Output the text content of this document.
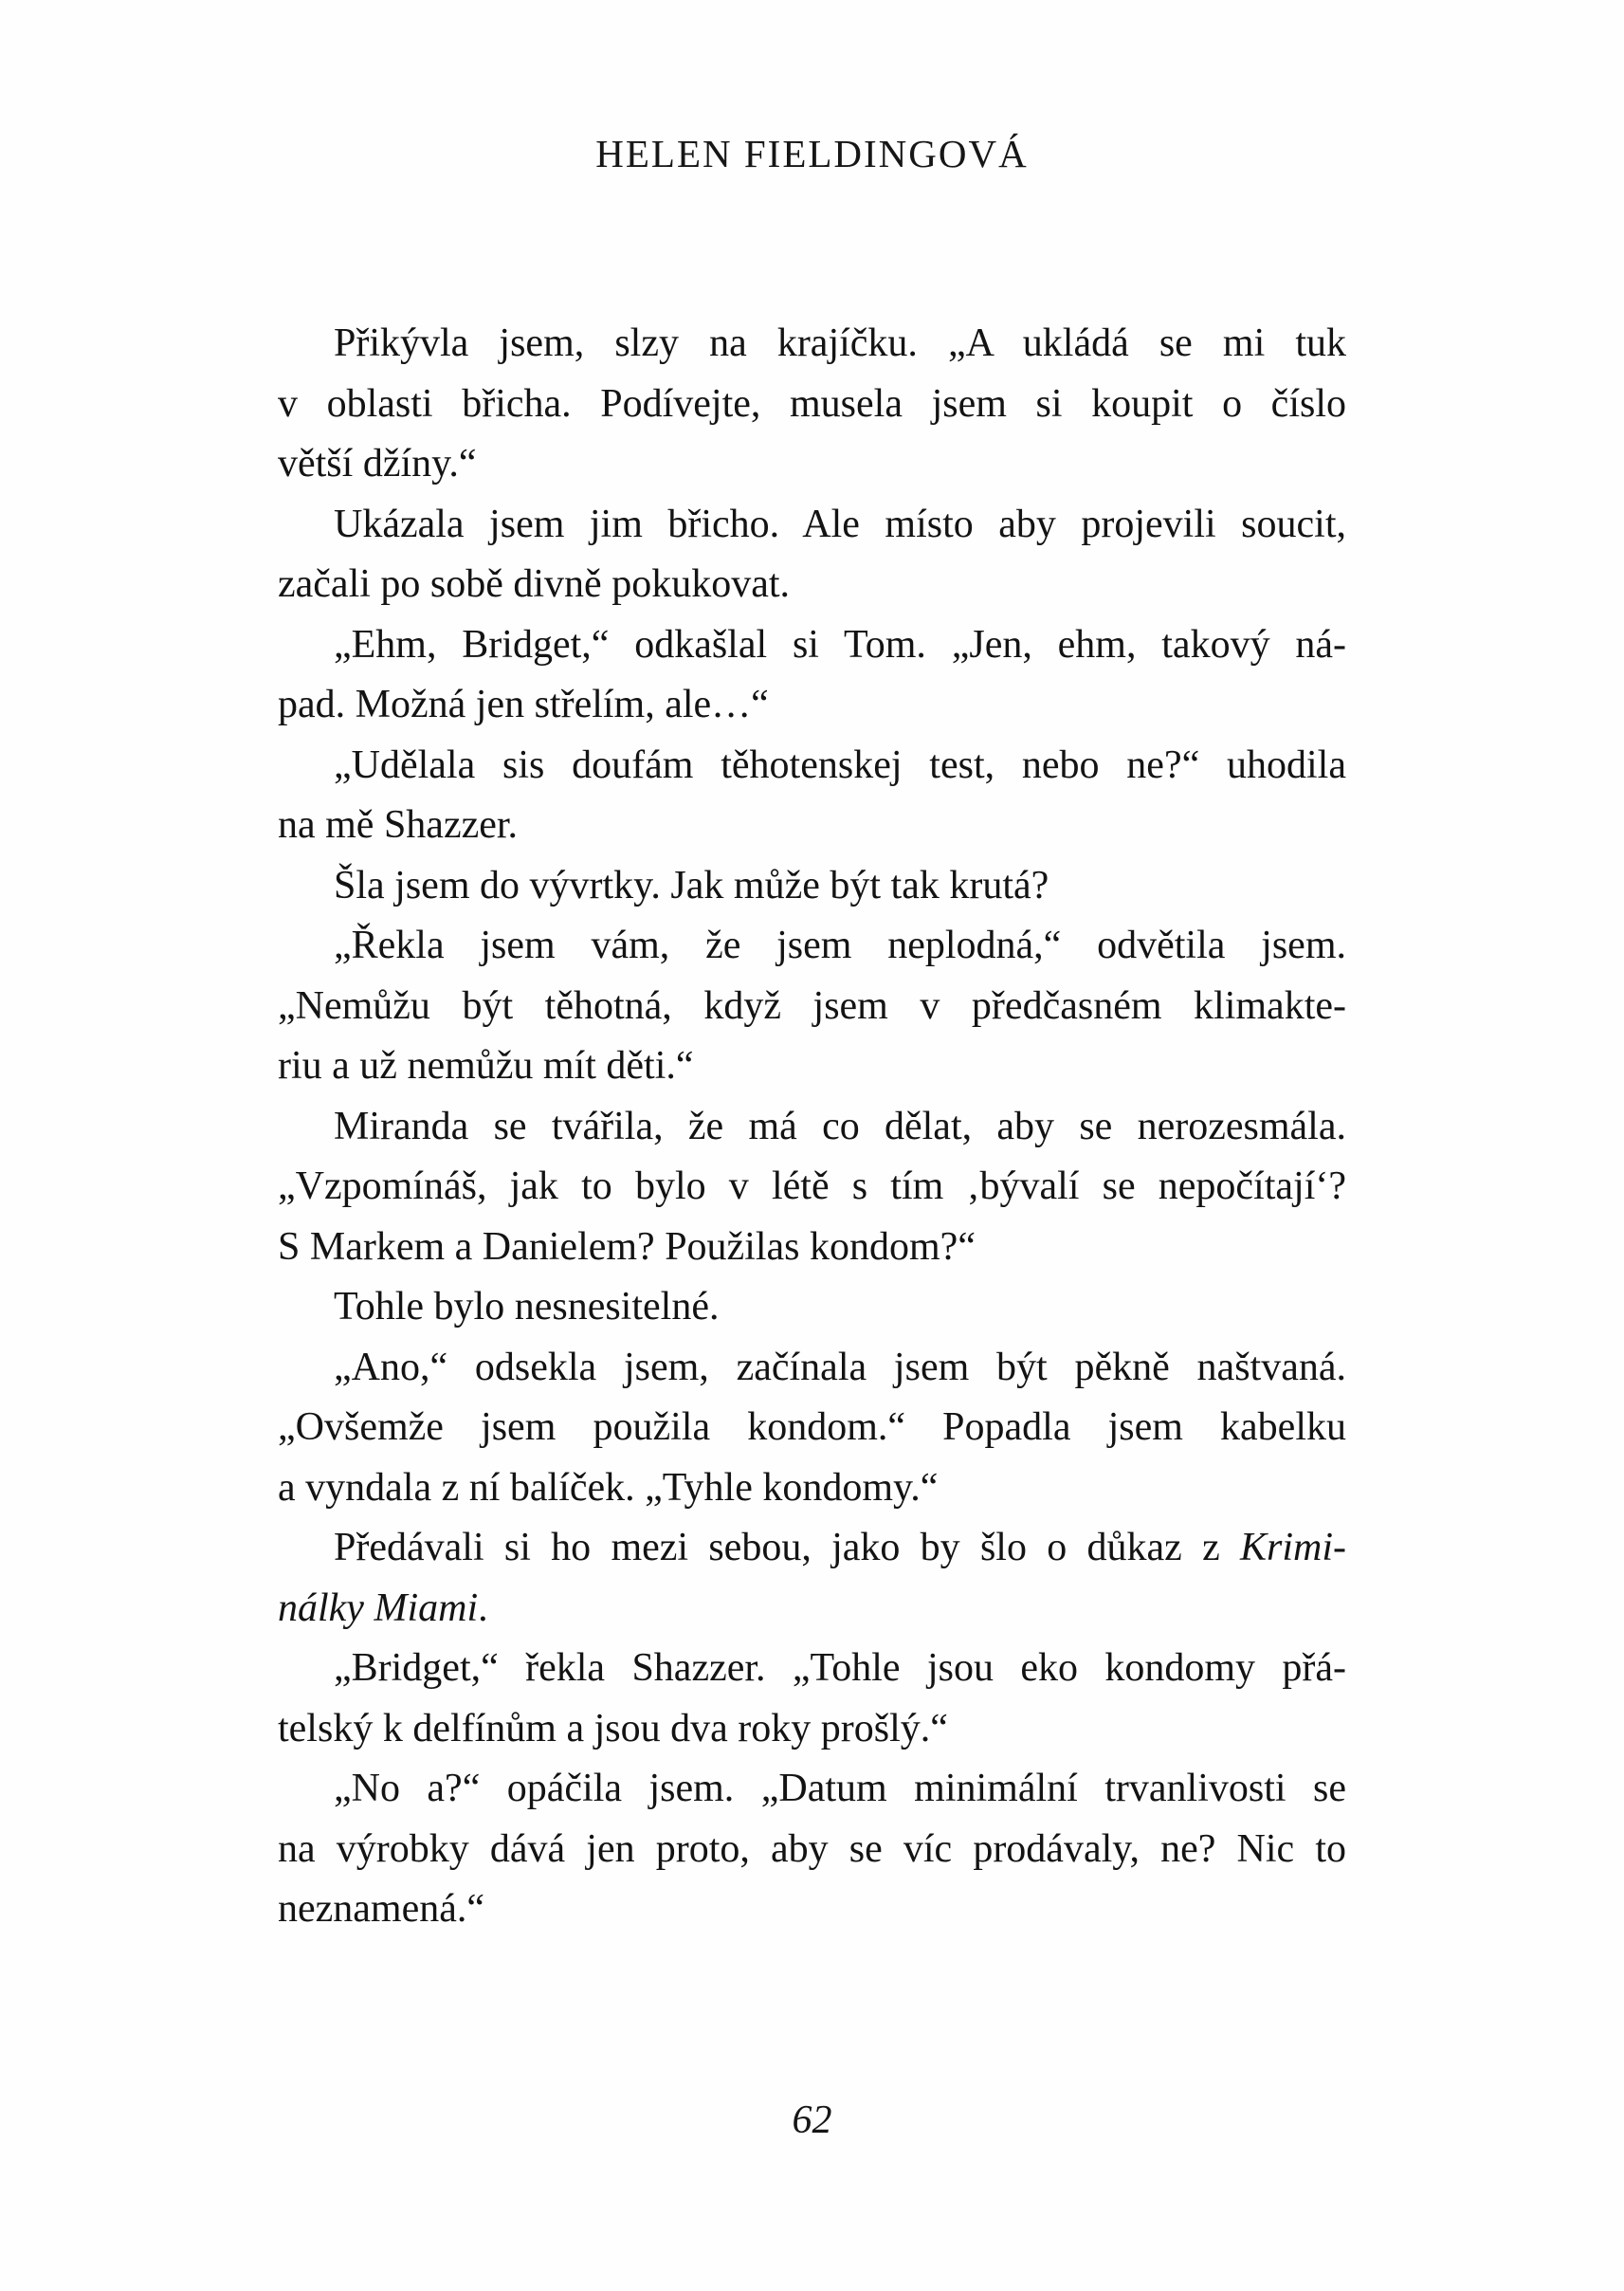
HELEN FIELDINGOVÁ
Přikývla jsem, slzy na krajíčku. „A ukládá se mi tuk
v oblasti břicha. Podívejte, musela jsem si koupit o číslo
větší džíny.“
Ukázala jsem jim břicho. Ale místo aby projevili soucit,
začali po sobě divně pokukovat.
„Ehm, Bridget,“ odkašlal si Tom. „Jen, ehm, takový ná-
pad. Možná jen střelím, ale…“
„Udělala sis doufám těhotenskej test, nebo ne?“ uhodila
na mě Shazzer.
Šla jsem do vývrtky. Jak může být tak krutá?
„Řekla jsem vám, že jsem neplodná,“ odvětila jsem.
„Nemůžu být těhotná, když jsem v předčasném klimakte-
riu a už nemůžu mít děti.“
Miranda se tvářila, že má co dělat, aby se nerozesmála.
„Vzpomínáš, jak to bylo v létě s tím ‚bývalí se nepočítají‘?
S Markem a Danielem? Použilas kondom?“
Tohle bylo nesnesitelné.
„Ano,“ odsekla jsem, začínala jsem být pěkně naštvaná.
„Ovšemže jsem použila kondom.“ Popadla jsem kabelku
a vyndala z ní balíček. „Tyhle kondomy.“
Předávali si ho mezi sebou, jako by šlo o důkaz z Krimi-
nálky Miami.
„Bridget,“ řekla Shazzer. „Tohle jsou eko kondomy přá-
telský k delfínům a jsou dva roky prošlý.“
„No a?“ opáčila jsem. „Datum minimální trvanlivosti se
na výrobky dává jen proto, aby se víc prodávaly, ne? Nic to
neznamená.“
62
